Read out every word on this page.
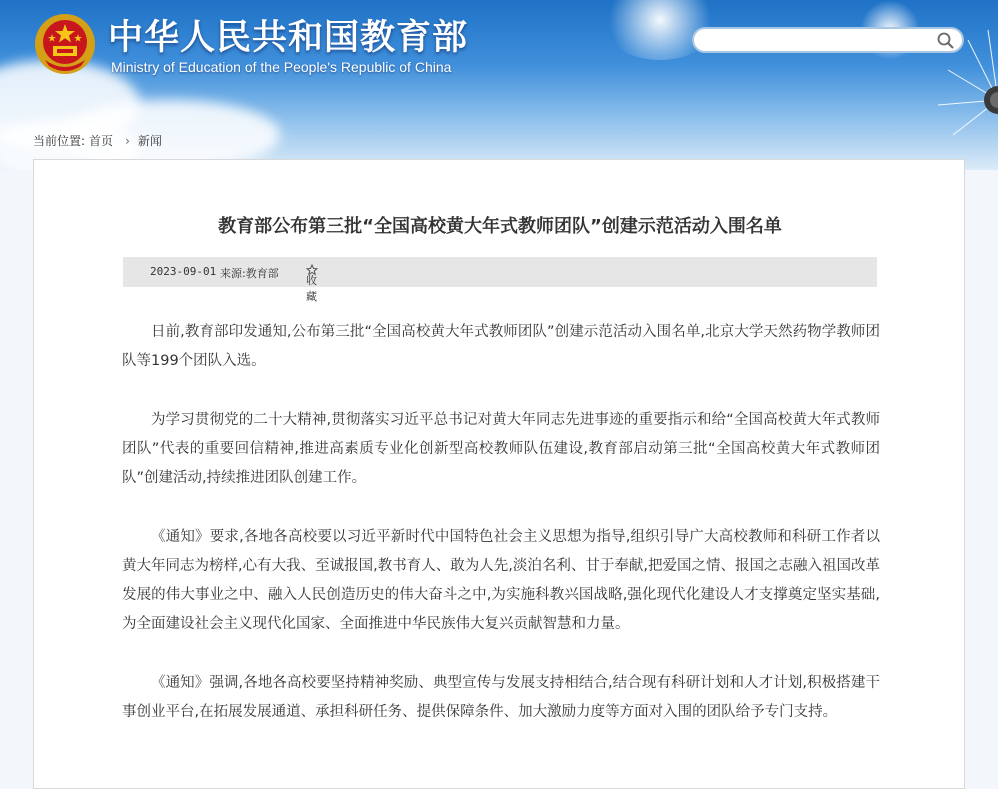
中华人民共和国教育部
Ministry of Education of the People's Republic of China
当前位置: 首页 › 新闻
教育部公布第三批“全国高校黄大年式教师团队”创建示范活动入围名单
2023-09-01 来源:教育部
收藏

日前,教育部印发通知,公布第三批“全国高校黄大年式教师团队”创建示范活动入围名单,北京大学天然药物学教师团队等199个团队入选。

为学习贯彻党的二十大精神,贯彻落实习近平总书记对黄大年同志先进事迹的重要指示和给“全国高校黄大年式教师团队”代表的重要回信精神,推进高素质专业化创新型高校教师队伍建设,教育部启动第三批“全国高校黄大年式教师团队”创建活动,持续推进团队创建工作。

《通知》要求,各地各高校要以习近平新时代中国特色社会主义思想为指导,组织引导广大高校教师和科研工作者以黄大年同志为榜样,心有大我、至诚报国,教书育人、敢为人先,淡泊名利、甘于奉献,把爱国之情、报国之志融入祖国改革发展的伟大事业之中、融入人民创造历史的伟大奋斗之中,为实施科教兴国战略,强化现代化建设人才支撑奠定坚实基础,为全面建设社会主义现代化国家、全面推进中华民族伟大复兴贡献智慧和力量。

《通知》强调,各地各高校要坚持精神奖励、典型宣传与发展支持相结合,结合现有科研计划和人才计划,积极搭建干事创业平台,在拓展发展通道、承担科研任务、提供保障条件、加大激励力度等方面对入围的团队给予专门支持。
